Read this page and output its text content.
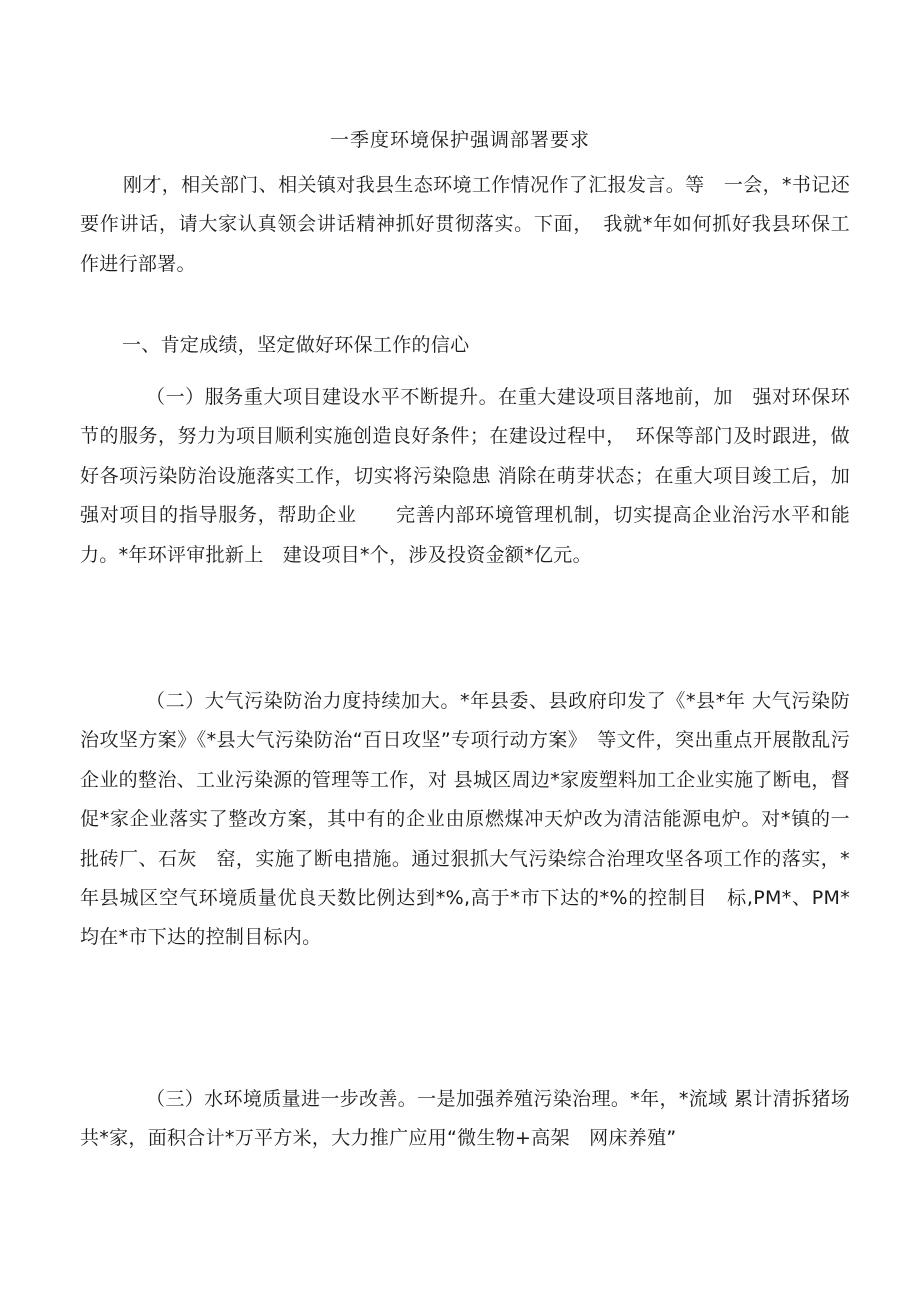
一季度环境保护强调部署要求

刚才，相关部门、相关镇对我县生态环境工作情况作了汇报发言。等　一会，*书记还要作讲话，请大家认真领会讲话精神抓好贯彻落实。下面，　我就*年如何抓好我县环保工作进行部署。

一、肯定成绩，坚定做好环保工作的信心

（一）服务重大项目建设水平不断提升。在重大建设项目落地前，加　强对环保环节的服务，努力为项目顺利实施创造良好条件；在建设过程中，　环保等部门及时跟进，做好各项污染防治设施落实工作，切实将污染隐患 消除在萌芽状态；在重大项目竣工后，加强对项目的指导服务，帮助企业　　完善内部环境管理机制，切实提高企业治污水平和能力。*年环评审批新上　建设项目*个，涉及投资金额*亿元。

（二）大气污染防治力度持续加大。*年县委、县政府印发了《*县*年 大气污染防治攻坚方案》《*县大气污染防治“百日攻坚”专项行动方案》　等文件，突出重点开展散乱污企业的整治、工业污染源的管理等工作，对 县城区周边*家废塑料加工企业实施了断电，督促*家企业落实了整改方案，其中有的企业由原燃煤冲天炉改为清洁能源电炉。对*镇的一批砖厂、石灰　窑，实施了断电措施。通过狠抓大气污染综合治理攻坚各项工作的落实，*　年县城区空气环境质量优良天数比例达到*%,高于*市下达的*%的控制目　标,PM*、PM*均在*市下达的控制目标内。

（三）水环境质量进一步改善。一是加强养殖污染治理。*年，*流域 累计清拆猪场共*家，面积合计*万平方米，大力推广应用“微生物+高架　网床养殖”
